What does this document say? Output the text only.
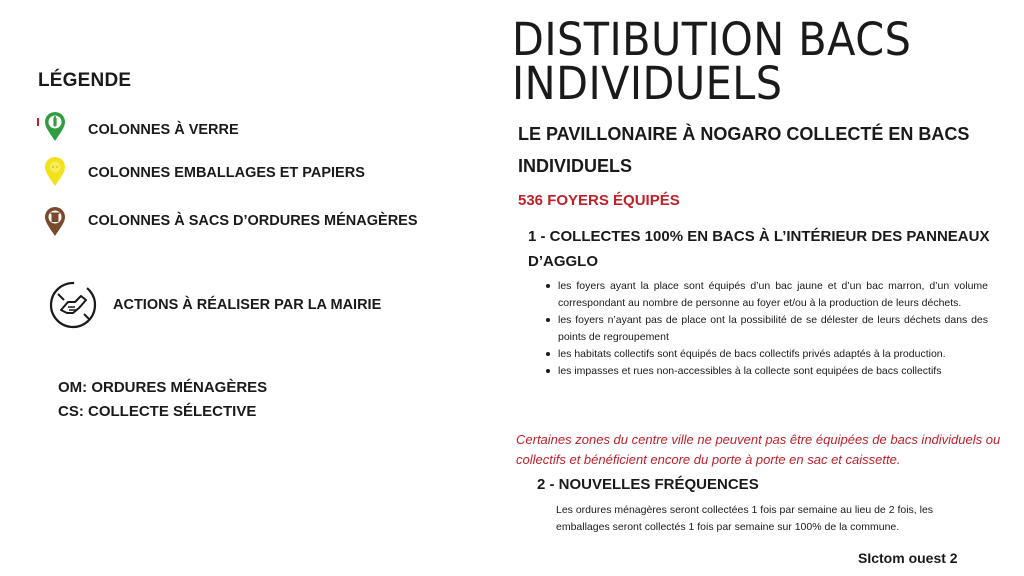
LÉGENDE
COLONNES À VERRE
COLONNES EMBALLAGES ET PAPIERS
COLONNES À SACS D’ORDURES MÉNAGÈRES
ACTIONS À RÉALISER PAR LA MAIRIE
OM: ORDURES MÉNAGÈRES
CS: COLLECTE SÉLECTIVE
DISTIBUTION BACS INDIVIDUELS
LE PAVILLONAIRE À NOGARO COLLECTÉ EN BACS INDIVIDUELS
536 FOYERS ÉQUIPÉS
1 - COLLECTES 100% EN BACS À L’INTÉRIEUR DES PANNEAUX D’AGGLO
les foyers ayant la place sont équipés d’un bac jaune et d’un bac marron, d’un volume correspondant au nombre de personne au foyer et/ou à la production de leurs déchets.
les foyers n’ayant pas de place ont la possibilité de se délester de leurs déchets dans des points de regroupement
les habitats collectifs sont équipés de bacs collectifs privés adaptés à la production.
les impasses et rues non-accessibles à la collecte sont equipées de bacs collectifs
Certaines zones du centre ville ne peuvent pas être équipées de bacs individuels ou collectifs et bénéficient encore du porte à porte en sac et caissette.
2 - NOUVELLES FRÉQUENCES
Les ordures ménagères seront collectées 1 fois par semaine au lieu de 2 fois, les emballages seront collectés 1 fois par semaine sur 100% de la commune.
SIctom ouest 2
